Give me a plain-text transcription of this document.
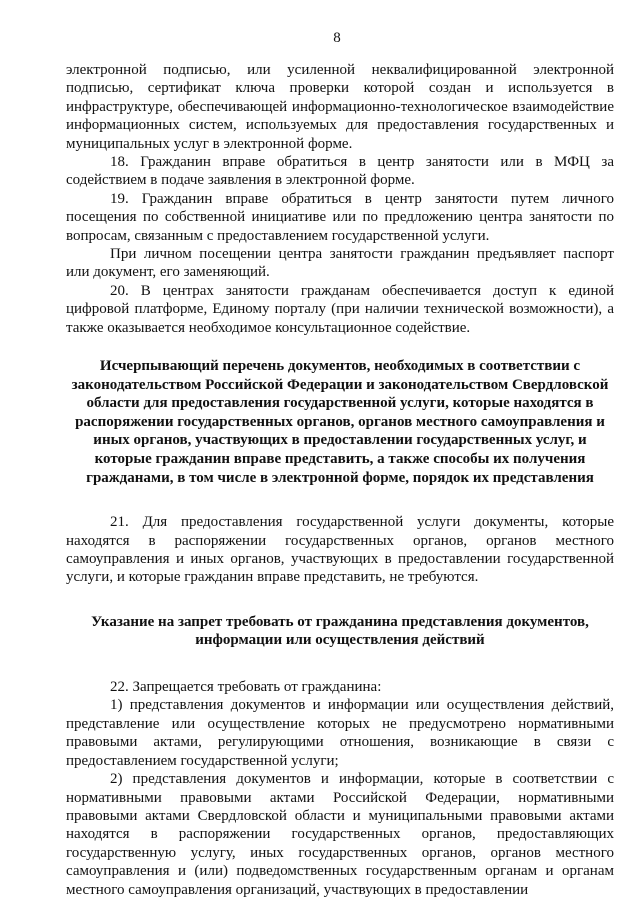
8

электронной подписью, или усиленной неквалифицированной электронной подписью, сертификат ключа проверки которой создан и используется в инфраструктуре, обеспечивающей информационно-технологическое взаимодействие информационных систем, используемых для предоставления государственных и муниципальных услуг в электронной форме.

18. Гражданин вправе обратиться в центр занятости или в МФЦ за содействием в подаче заявления в электронной форме.

19. Гражданин вправе обратиться в центр занятости путем личного посещения по собственной инициативе или по предложению центра занятости по вопросам, связанным с предоставлением государственной услуги.

При личном посещении центра занятости гражданин предъявляет паспорт или документ, его заменяющий.

20. В центрах занятости гражданам обеспечивается доступ к единой цифровой платформе, Единому порталу (при наличии технической возможности), а также оказывается необходимое консультационное содействие.

Исчерпывающий перечень документов, необходимых в соответствии с законодательством Российской Федерации и законодательством Свердловской области для предоставления государственной услуги, которые находятся в распоряжении государственных органов, органов местного самоуправления и иных органов, участвующих в предоставлении государственных услуг, и которые гражданин вправе представить, а также способы их получения гражданами, в том числе в электронной форме, порядок их представления

21. Для предоставления государственной услуги документы, которые находятся в распоряжении государственных органов, органов местного самоуправления и иных органов, участвующих в предоставлении государственной услуги, и которые гражданин вправе представить, не требуются.

Указание на запрет требовать от гражданина представления документов, информации или осуществления действий

22. Запрещается требовать от гражданина:

1) представления документов и информации или осуществления действий, представление или осуществление которых не предусмотрено нормативными правовыми актами, регулирующими отношения, возникающие в связи с предоставлением государственной услуги;

2) представления документов и информации, которые в соответствии с нормативными правовыми актами Российской Федерации, нормативными правовыми актами Свердловской области и муниципальными правовыми актами находятся в распоряжении государственных органов, предоставляющих государственную услугу, иных государственных органов, органов местного самоуправления и (или) подведомственных государственным органам и органам местного самоуправления организаций, участвующих в предоставлении
